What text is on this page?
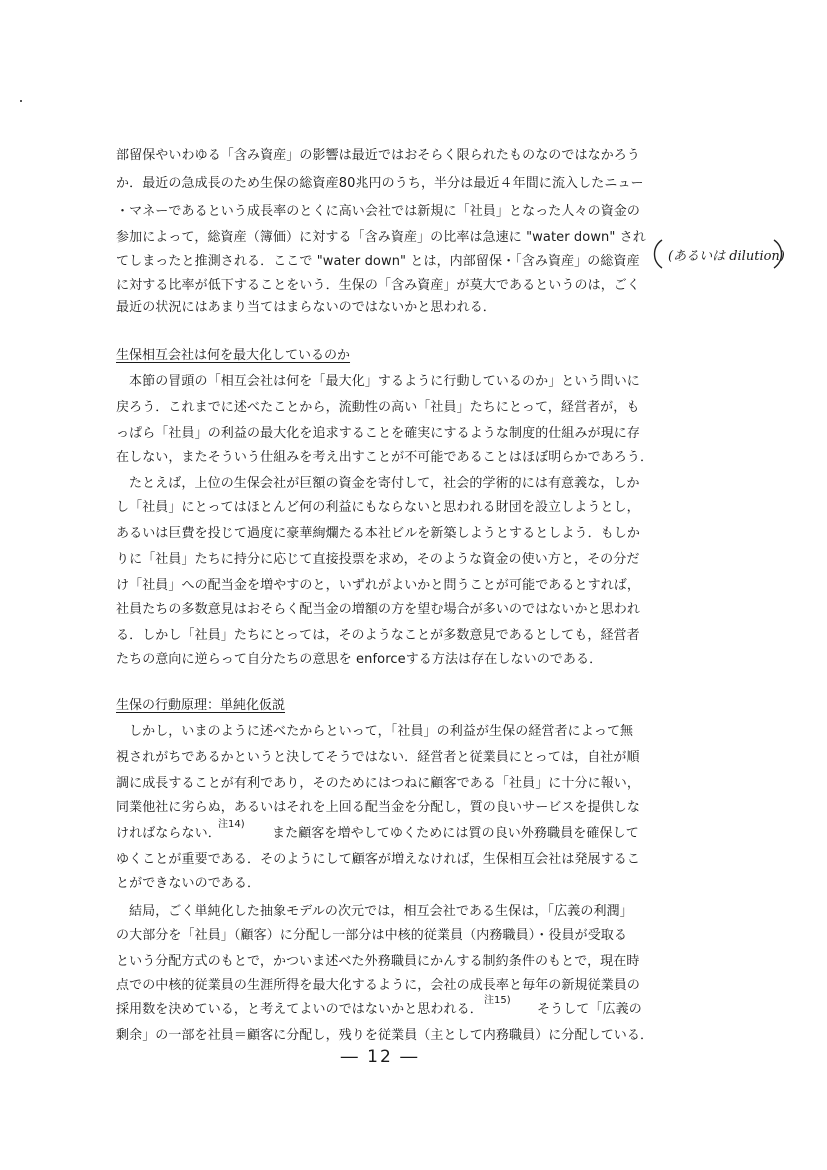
部留保やいわゆる「含み資産」の影響は最近ではおそらく限られたものなのではなかろう
か．最近の急成長のため生保の総資産80兆円のうち，半分は最近４年間に流入したニュー
・マネーであるという成長率のとくに高い会社では新規に「社員」となった人々の資金の
参加によって，総資産（簿価）に対する「含み資産」の比率は急速に "water down" され
てしまったと推測される．ここで "water down" とは，内部留保・「含み資産」の総資産
に対する比率が低下することをいう．生保の「含み資産」が莫大であるというのは，ごく
最近の状況にはあまり当てはまらないのではないかと思われる．
(あるいは dilution)
生保相互会社は何を最大化しているのか
本節の冒頭の「相互会社は何を「最大化」するように行動しているのか」という問いに
戻ろう．これまでに述べたことから，流動性の高い「社員」たちにとって，経営者が，も
っぱら「社員」の利益の最大化を追求することを確実にするような制度的仕組みが現に存
在しない，またそういう仕組みを考え出すことが不可能であることはほぼ明らかであろう．
たとえば，上位の生保会社が巨額の資金を寄付して，社会的学術的には有意義な，しか
し「社員」にとってはほとんど何の利益にもならないと思われる財団を設立しようとし，
あるいは巨費を投じて過度に豪華絢爛たる本社ビルを新築しようとするとしよう．もしか
りに「社員」たちに持分に応じて直接投票を求め，そのような資金の使い方と，その分だ
け「社員」への配当金を増やすのと，いずれがよいかと問うことが可能であるとすれば，
社員たちの多数意見はおそらく配当金の増額の方を望む場合が多いのではないかと思われ
る．しかし「社員」たちにとっては，そのようなことが多数意見であるとしても，経営者
たちの意向に逆らって自分たちの意思を enforceする方法は存在しないのである．
生保の行動原理：単純化仮説
しかし，いまのように述べたからといって，「社員」の利益が生保の経営者によって無
視されがちであるかというと決してそうではない．経営者と従業員にとっては，自社が順
調に成長することが有利であり，そのためにはつねに顧客である「社員」に十分に報い，
同業他社に劣らぬ，あるいはそれを上回る配当金を分配し，質の良いサービスを提供しな
ければならない．
注14)
また顧客を増やしてゆくためには質の良い外務職員を確保して
ゆくことが重要である．そのようにして顧客が増えなければ，生保相互会社は発展するこ
とができないのである．
結局，ごく単純化した抽象モデルの次元では，相互会社である生保は，「広義の利潤」
の大部分を「社員」（顧客）に分配し一部分は中核的従業員（内務職員）・役員が受取る
という分配方式のもとで，かついま述べた外務職員にかんする制約条件のもとで，現在時
点での中核的従業員の生涯所得を最大化するように，会社の成長率と毎年の新規従業員の
採用数を決めている，と考えてよいのではないかと思われる．
注15)
そうして「広義の
剰余」の一部を社員＝顧客に分配し，残りを従業員（主として内務職員）に分配している．
― 12 ―
